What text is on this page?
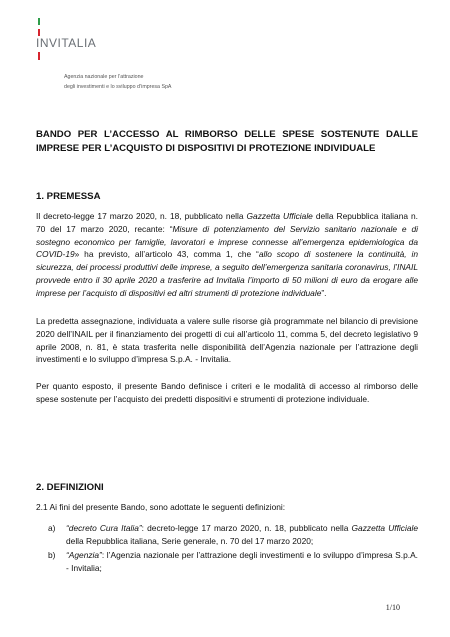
INVITALIA
Agenzia nazionale per l’attrazione
degli investimenti e lo sviluppo d’impresa SpA
BANDO PER L’ACCESSO AL RIMBORSO DELLE SPESE SOSTENUTE DALLE IMPRESE PER L’ACQUISTO DI DISPOSITIVI DI PROTEZIONE INDIVIDUALE
1. PREMESSA
Il decreto-legge 17 marzo 2020, n. 18, pubblicato nella Gazzetta Ufficiale della Repubblica italiana n. 70 del 17 marzo 2020, recante: “Misure di potenziamento del Servizio sanitario nazionale e di sostegno economico per famiglie, lavoratori e imprese connesse all’emergenza epidemiologica da COVID-19» ha previsto, all’articolo 43, comma 1, che “allo scopo di sostenere la continuità, in sicurezza, dei processi produttivi delle imprese, a seguito dell’emergenza sanitaria coronavirus, l’INAIL provvede entro il 30 aprile 2020 a trasferire ad Invitalia l’importo di 50 milioni di euro da erogare alle imprese per l’acquisto di dispositivi ed altri strumenti di protezione individuale”.
La predetta assegnazione, individuata a valere sulle risorse già programmate nel bilancio di previsione 2020 dell’INAIL per il finanziamento dei progetti di cui all’articolo 11, comma 5, del decreto legislativo 9 aprile 2008, n. 81, è stata trasferita nelle disponibilità dell’Agenzia nazionale per l’attrazione degli investimenti e lo sviluppo d’impresa S.p.A. - Invitalia.
Per quanto esposto, il presente Bando definisce i criteri e le modalità di accesso al rimborso delle spese sostenute per l’acquisto dei predetti dispositivi e strumenti di protezione individuale.
2. DEFINIZIONI
2.1 Ai fini del presente Bando, sono adottate le seguenti definizioni:
a) “decreto Cura Italia”: decreto-legge 17 marzo 2020, n. 18, pubblicato nella Gazzetta Ufficiale della Repubblica italiana, Serie generale, n. 70 del 17 marzo 2020;
b) “Agenzia”: l’Agenzia nazionale per l’attrazione degli investimenti e lo sviluppo d’impresa S.p.A. - Invitalia;
1/10
